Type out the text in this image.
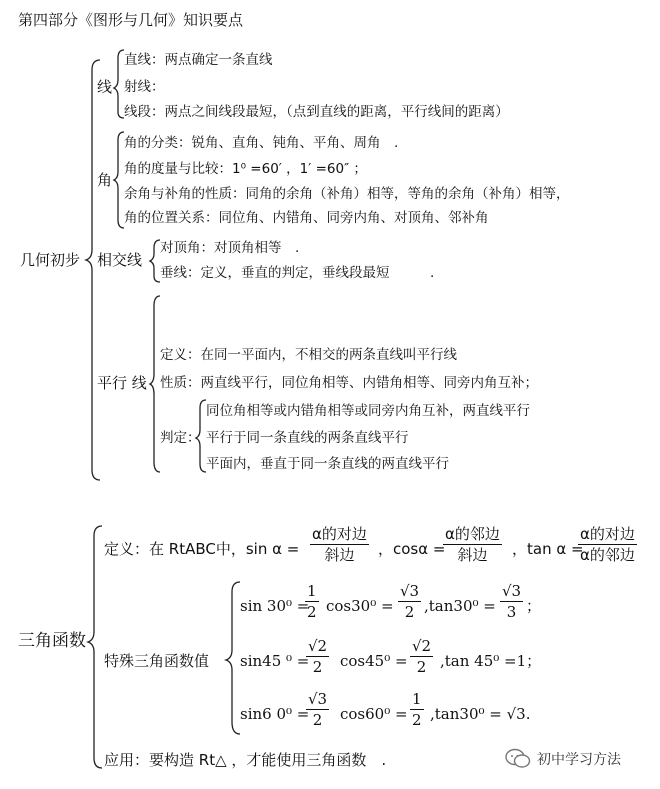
第四部分《图形与几何》知识要点
几何初步
线
直线：两点确定一条直线
射线：
线段：两点之间线段最短，（点到直线的距离，平行线间的距离）
角
角的分类：锐角、直角、钝角、平角、周角　.
角的度量与比较：1⁰ =60′ ，1′ =60″ ；
余角与补角的性质：同角的余角（补角）相等，等角的余角（补角）相等，
角的位置关系：同位角、内错角、同旁内角、对顶角、邻补角
相交线
对顶角：对顶角相等　.
垂线：定义，垂直的判定，垂线段最短　　　.
平行 线
定义：在同一平面内，不相交的两条直线叫平行线
性质：两直线平行，同位角相等、内错角相等、同旁内角互补；
判定：
同位角相等或内错角相等或同旁内角互补，两直线平行
平行于同一条直线的两条直线平行
平面内，垂直于同一条直线的两直线平行
三角函数
定义：在 RtABC中，sin α =
α的对边
斜边 ，cosα =
α的邻边
斜边 ，tan α =
α的对边
α的邻边
特殊三角函数值
sin 30⁰ =
$\frac{1}{2} \cos 30^0 = \frac{√3}{2} ,\tan 30^0 = \frac{√3}{3}$ ；
sin45 ⁰ =
$\frac{√2}{2} \cos 45^0 = \frac{√2}{2} ,\tan$ 45⁰ =1；
sin6 0⁰ =
$\frac{√3}{2} \cos 60^0 = \frac{1}{2} ,\tan 30^0 = √3$.
应用：要构造 Rt△ ，才能使用三角函数　.	初中学习方法
